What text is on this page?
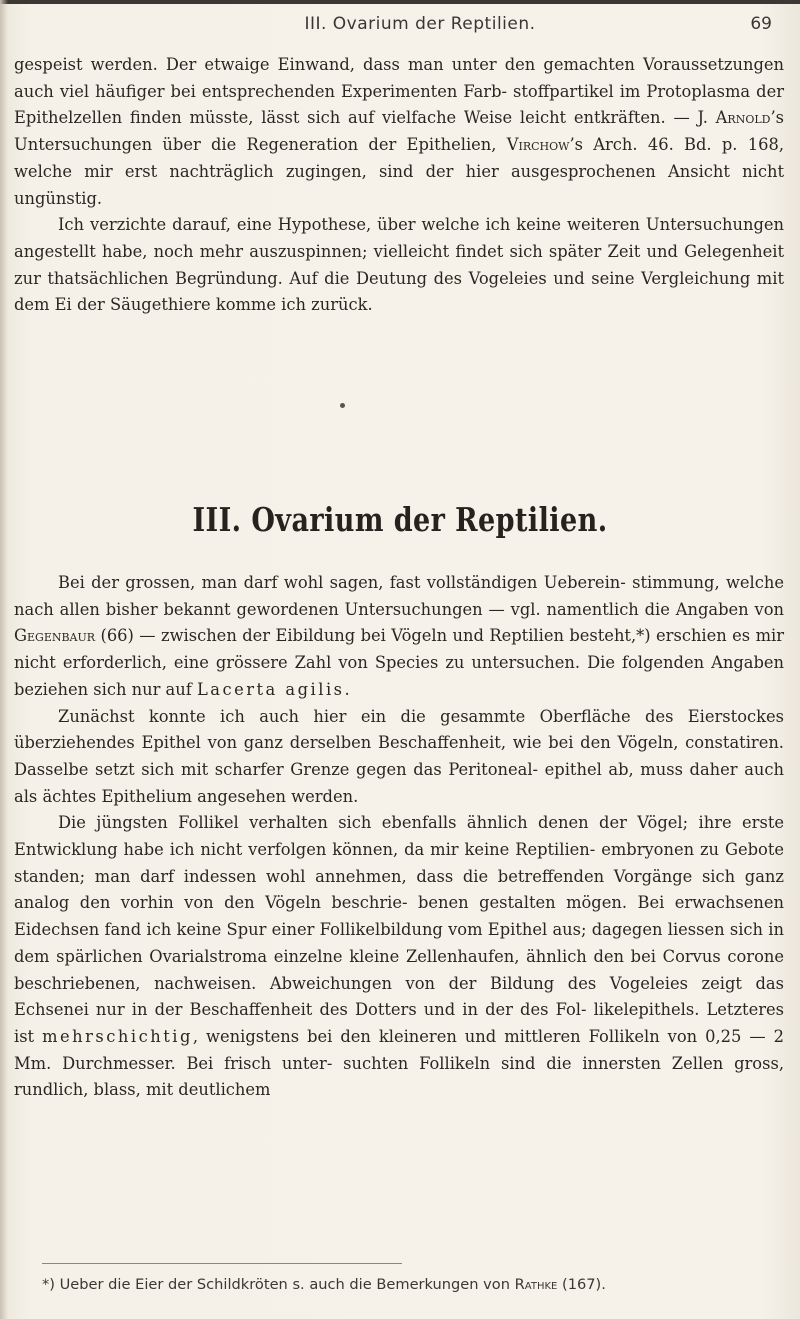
III. Ovarium der Reptilien.	69

gespeist werden. Der etwaige Einwand, dass man unter den gemachten Voraussetzungen auch viel häufiger bei entsprechenden Experimenten Farb- stoffpartikel im Protoplasma der Epithelzellen finden müsste, lässt sich auf vielfache Weise leicht entkräften. — J. Arnold’s Untersuchungen über die Regeneration der Epithelien, Virchow’s Arch. 46. Bd. p. 168, welche mir erst nachträglich zugingen, sind der hier ausgesprochenen Ansicht nicht ungünstig.

Ich verzichte darauf, eine Hypothese, über welche ich keine weiteren Untersuchungen angestellt habe, noch mehr auszuspinnen; vielleicht findet sich später Zeit und Gelegenheit zur thatsächlichen Begründung. Auf die Deutung des Vogeleies und seine Vergleichung mit dem Ei der Säugethiere komme ich zurück.

III. Ovarium der Reptilien.

Bei der grossen, man darf wohl sagen, fast vollständigen Ueberein- stimmung, welche nach allen bisher bekannt gewordenen Untersuchungen — vgl. namentlich die Angaben von Gegenbaur (66) — zwischen der Eibildung bei Vögeln und Reptilien besteht,*) erschien es mir nicht erforderlich, eine grössere Zahl von Species zu untersuchen. Die folgenden Angaben beziehen sich nur auf Lacerta agilis.

Zunächst konnte ich auch hier ein die gesammte Oberfläche des Eierstockes überziehendes Epithel von ganz derselben Beschaffenheit, wie bei den Vögeln, constatiren. Dasselbe setzt sich mit scharfer Grenze gegen das Peritoneal- epithel ab, muss daher auch als ächtes Epithelium angesehen werden.

Die jüngsten Follikel verhalten sich ebenfalls ähnlich denen der Vögel; ihre erste Entwicklung habe ich nicht verfolgen können, da mir keine Reptilien- embryonen zu Gebote standen; man darf indessen wohl annehmen, dass die betreffenden Vorgänge sich ganz analog den vorhin von den Vögeln beschrie- benen gestalten mögen. Bei erwachsenen Eidechsen fand ich keine Spur einer Follikelbildung vom Epithel aus; dagegen liessen sich in dem spärlichen Ovarialstroma einzelne kleine Zellenhaufen, ähnlich den bei Corvus corone beschriebenen, nachweisen. Abweichungen von der Bildung des Vogeleies zeigt das Echsenei nur in der Beschaffenheit des Dotters und in der des Fol- likelepithels. Letzteres ist mehrschichtig, wenigstens bei den kleineren und mittleren Follikeln von 0,25 — 2 Mm. Durchmesser. Bei frisch unter- suchten Follikeln sind die innersten Zellen gross, rundlich, blass, mit deutlichem

*) Ueber die Eier der Schildkröten s. auch die Bemerkungen von Rathke (167).
